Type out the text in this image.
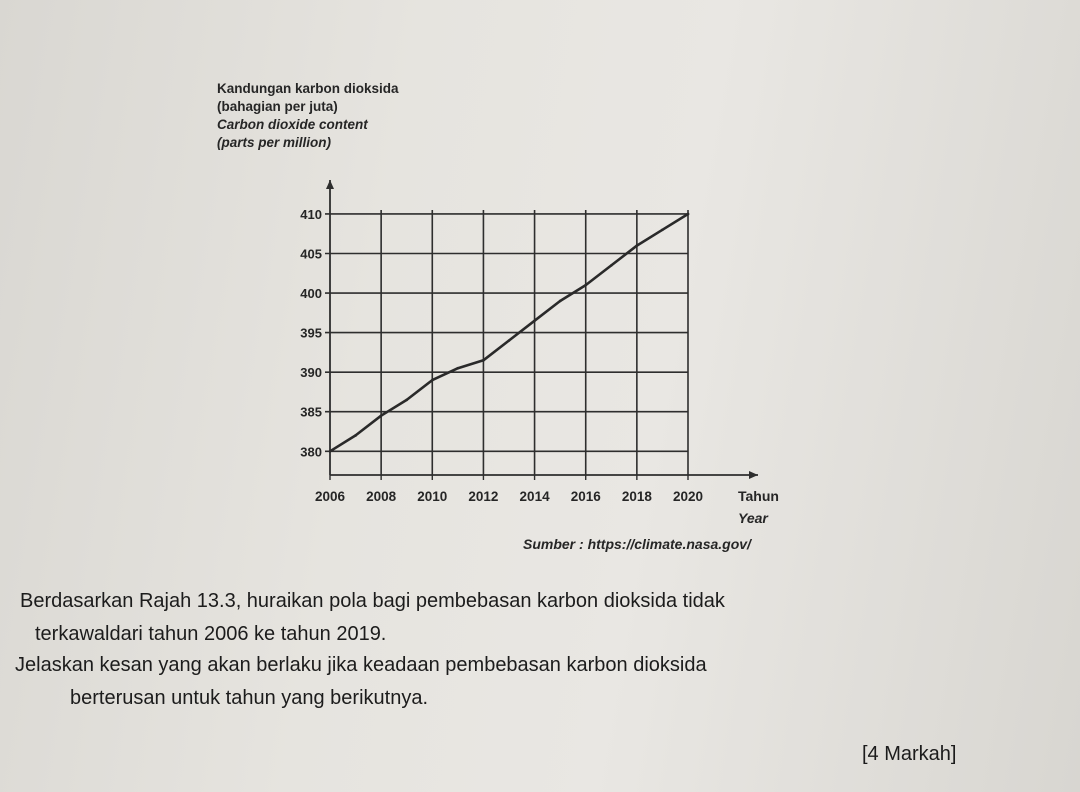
Kandungan karbon dioksida
(bahagian per juta)
Carbon dioxide content
(parts per million)
380
385
390
395
400
405
410
2006 2008 2010 2012 2014 2016 2018 2020 Tahun
Year
Sumber : https://climate.nasa.gov/
Berdasarkan Rajah 13.3, huraikan pola bagi pembebasan karbon dioksida tidak
terkawaldari tahun 2006 ke tahun 2019.
Jelaskan kesan yang akan berlaku jika keadaan pembebasan karbon dioksida
berterusan untuk tahun yang berikutnya.
[4 Markah]
